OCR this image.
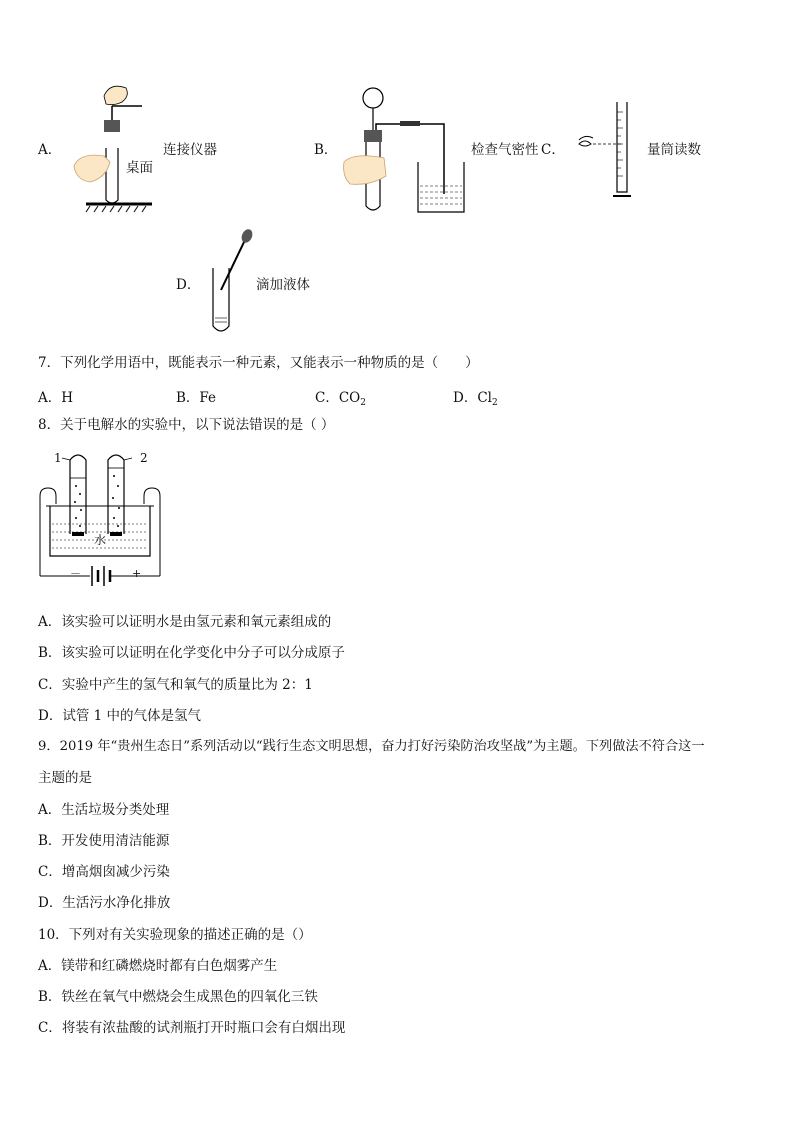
A．	连接仪器
桌面
B．	检查气密性 C．	量筒读数
D．	滴加液体
7．下列化学用语中，既能表示一种元素，又能表示一种物质的是（　　）
A．H	B．Fe	C．$CO_2$	D．$Cl_2$
8．关于电解水的实验中，以下说法错误的是（ ）
1	2
水
－	+
A．该实验可以证明水是由氢元素和氧元素组成的
B．该实验可以证明在化学变化中分子可以分成原子
C．实验中产生的氢气和氧气的质量比为 2：1
D．试管 1 中的气体是氢气
9．2019 年“贵州生态日”系列活动以“践行生态文明思想，奋力打好污染防治攻坚战”为主题。下列做法不符合这一
主题的是
A．生活垃圾分类处理
B．开发使用清洁能源
C．增高烟囱减少污染
D．生活污水净化排放
10．下列对有关实验现象的描述正确的是（）
A．镁带和红磷燃烧时都有白色烟雾产生
B．铁丝在氧气中燃烧会生成黑色的四氧化三铁
C．将装有浓盐酸的试剂瓶打开时瓶口会有白烟出现
